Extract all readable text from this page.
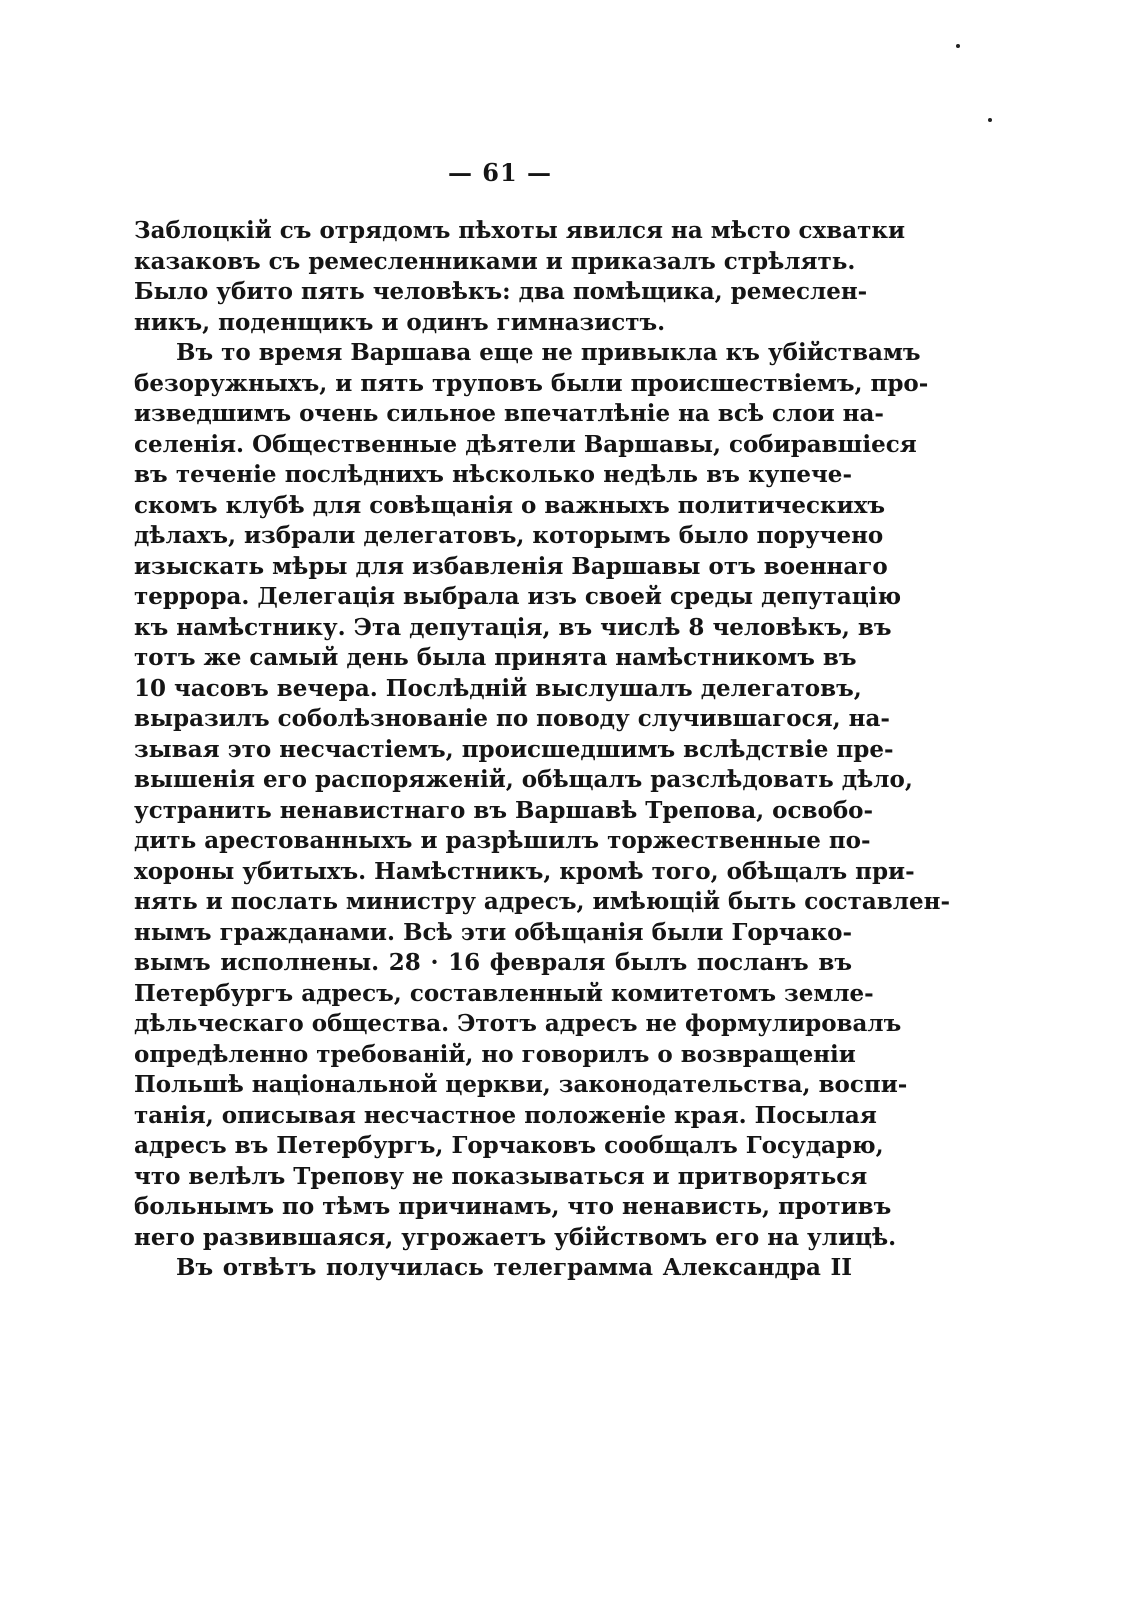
— 61 —
Заблоцкій съ отрядомъ пѣхоты явился на мѣсто схватки
казаковъ съ ремесленниками и приказалъ стрѣлять.
Было убито пять человѣкъ: два помѣщика, ремеслен-
никъ, поденщикъ и одинъ гимназистъ.
Въ то время Варшава еще не привыкла къ убійствамъ
безоружныхъ, и пять труповъ были происшествіемъ, про-
изведшимъ очень сильное впечатлѣніе на всѣ слои на-
селенія. Общественные дѣятели Варшавы, собиравшіеся
въ теченіе послѣднихъ нѣсколько недѣль въ купече-
скомъ клубѣ для совѣщанія о важныхъ политическихъ
дѣлахъ, избрали делегатовъ, которымъ было поручено
изыскать мѣры для избавленія Варшавы отъ военнаго
террора. Делегація выбрала изъ своей среды депутацію
къ намѣстнику. Эта депутація, въ числѣ 8 человѣкъ, въ
тотъ же самый день была принята намѣстникомъ въ
10 часовъ вечера. Послѣдній выслушалъ делегатовъ,
выразилъ соболѣзнованіе по поводу случившагося, на-
зывая это несчастіемъ, происшедшимъ вслѣдствіе пре-
вышенія его распоряженій, обѣщалъ разслѣдовать дѣло,
устранить ненавистнаго въ Варшавѣ Трепова, освобо-
дить арестованныхъ и разрѣшилъ торжественные по-
хороны убитыхъ. Намѣстникъ, кромѣ того, обѣщалъ при-
нять и послать министру адресъ, имѣющій быть составлен-
нымъ гражданами. Всѣ эти обѣщанія были Горчако-
вымъ исполнены. 28 · 16 февраля былъ посланъ въ
Петербургъ адресъ, составленный комитетомъ земле-
дѣльческаго общества. Этотъ адресъ не формулировалъ
опредѣленно требованій, но говорилъ о возвращеніи
Польшѣ національной церкви, законодательства, воспи-
танія, описывая несчастное положеніе края. Посылая
адресъ въ Петербургъ, Горчаковъ сообщалъ Государю,
что велѣлъ Трепову не показываться и притворяться
больнымъ по тѣмъ причинамъ, что ненависть, противъ
него развившаяся, угрожаетъ убійствомъ его на улицѣ.
Въ отвѣтъ получилась телеграмма Александра II
